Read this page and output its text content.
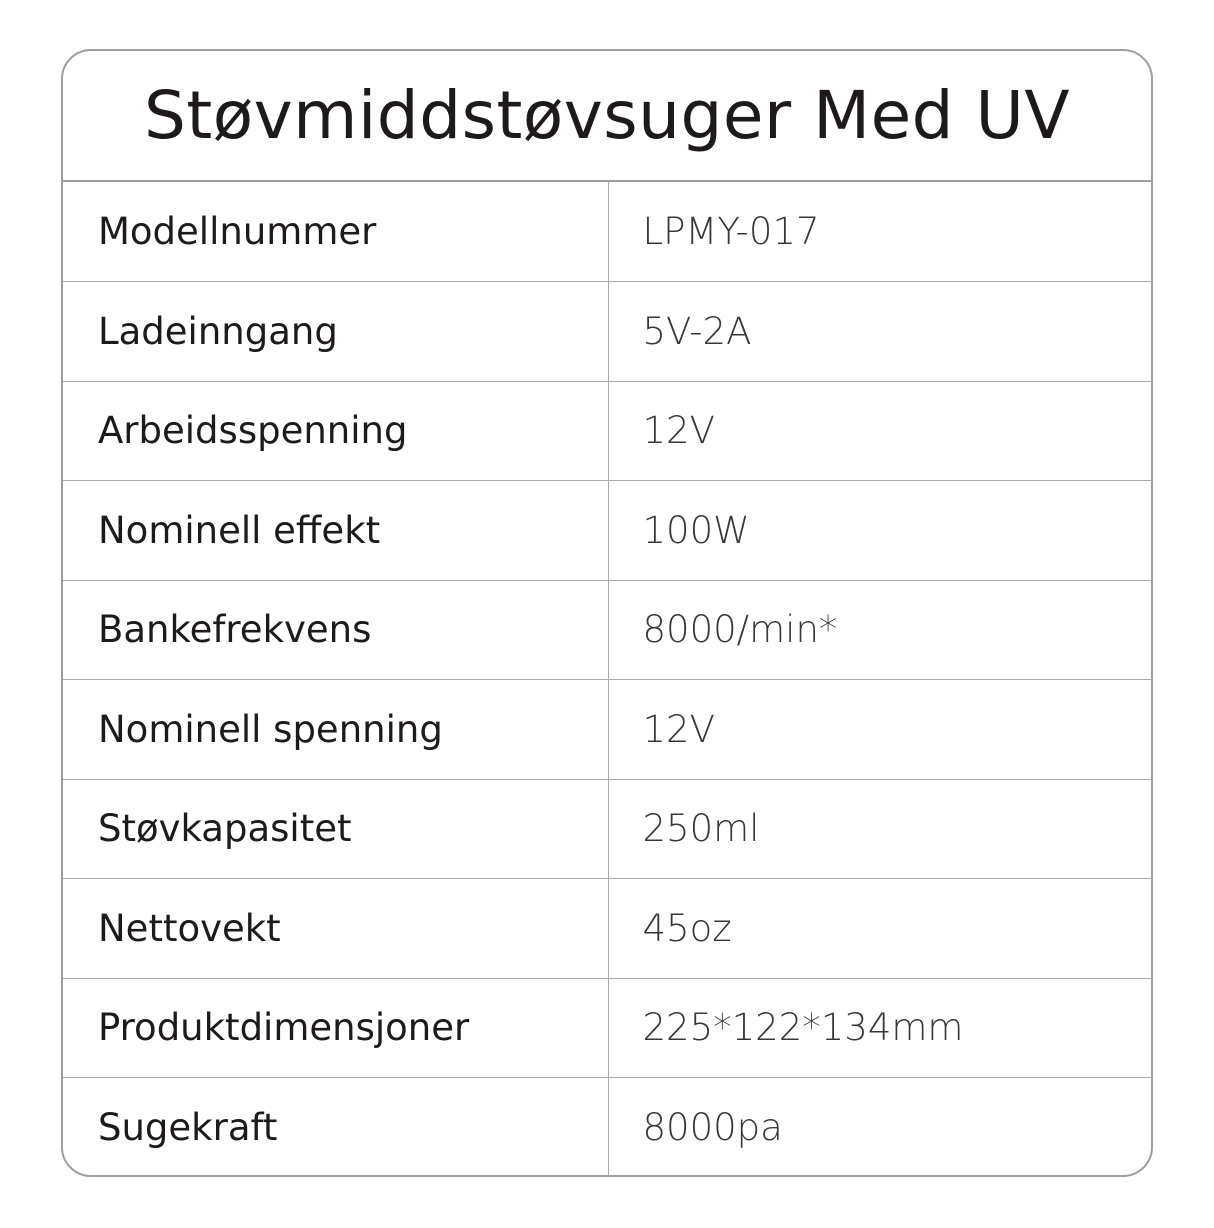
Støvmiddstøvsuger Med UV
Modellnummer	LPMY-017
Ladeinngang	5V-2A
Arbeidsspenning	12V
Nominell effekt	100W
Bankefrekvens	8000/min*
Nominell spenning	12V
Støvkapasitet	250ml
Nettovekt	45oz
Produktdimensjoner	225*122*134mm
Sugekraft	8000pa
